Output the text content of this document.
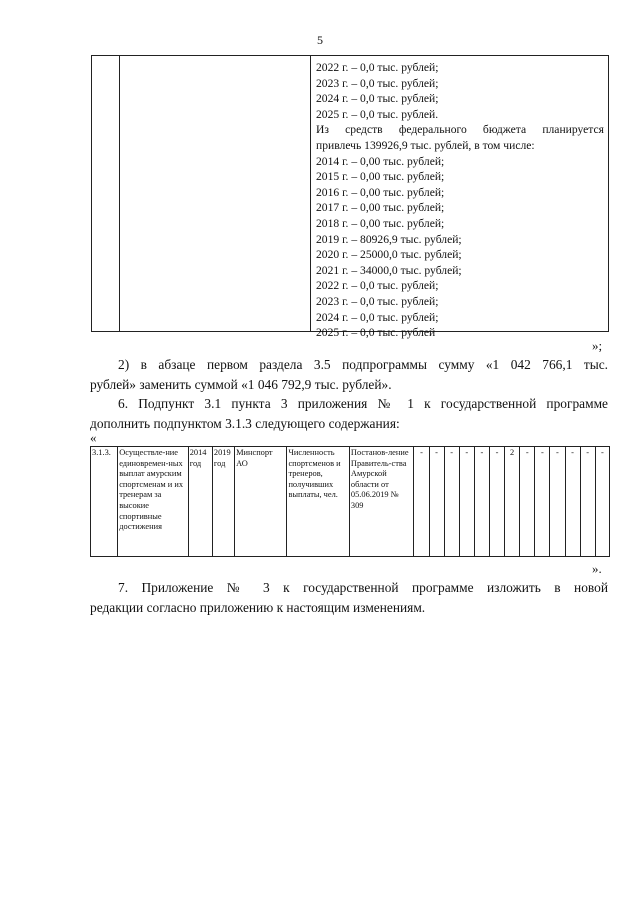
5
2022 г. – 0,0 тыс. рублей;
2023 г. – 0,0 тыс. рублей;
2024 г. – 0,0 тыс. рублей;
2025 г. – 0,0 тыс. рублей.
Из средств федерального бюджета планируется
привлечь 139926,9 тыс. рублей, в том числе:
2014 г. – 0,00 тыс. рублей;
2015 г. – 0,00 тыс. рублей;
2016 г. – 0,00 тыс. рублей;
2017 г. – 0,00 тыс. рублей;
2018 г. – 0,00 тыс. рублей;
2019 г. – 80926,9 тыс. рублей;
2020 г. – 25000,0 тыс. рублей;
2021 г. – 34000,0 тыс. рублей;
2022 г. – 0,0 тыс. рублей;
2023 г. – 0,0 тыс. рублей;
2024 г. – 0,0 тыс. рублей;
2025 г. – 0,0 тыс. рублей
»;
2) в абзаце первом раздела 3.5 подпрограммы сумму «1 042 766,1 тыс.
рублей» заменить суммой «1 046 792,9 тыс. рублей».
6. Подпункт 3.1 пункта 3 приложения № 1 к государственной программе
дополнить подпунктом 3.1.3 следующего содержания:
«
3.1.3.	Осуществле-ние единовремен-ных выплат амурским спортсменам и их тренерам за высокие спортивные достижения	2014 год	2019 год	Минспорт АО	Численность спортсменов и тренеров, получивших выплаты, чел.	Постанов-ление Правитель-ства Амурской области от 05.06.2019 № 309	-	-	-	-	-	-	2	-	-	-	-	-	-
».
7. Приложение № 3 к государственной программе изложить в новой
редакции согласно приложению к настоящим изменениям.
